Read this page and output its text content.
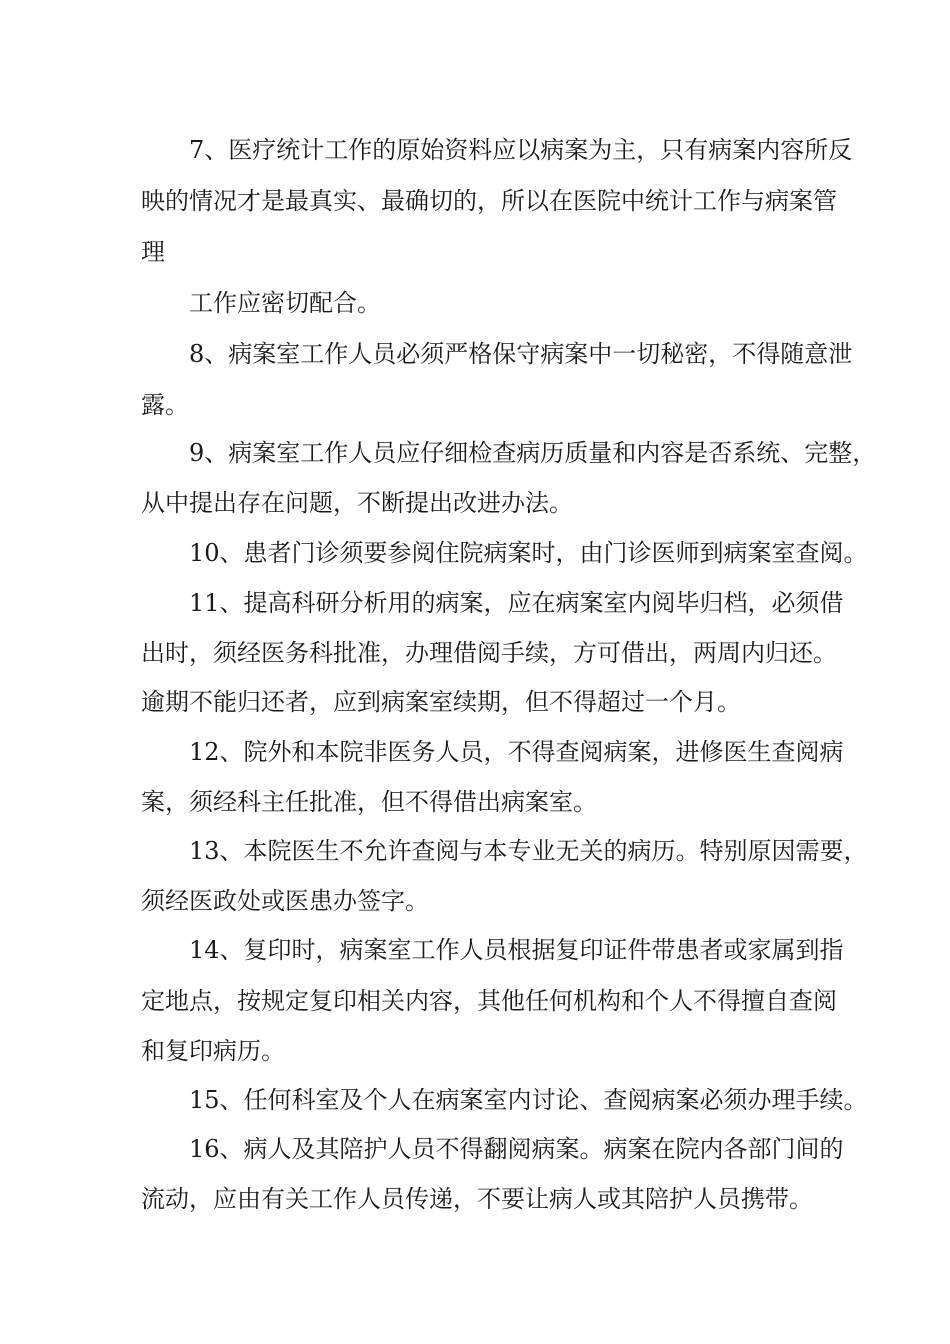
7、医疗统计工作的原始资料应以病案为主，只有病案内容所反
映的情况才是最真实、最确切的，所以在医院中统计工作与病案管
理
工作应密切配合。
8、病案室工作人员必须严格保守病案中一切秘密，不得随意泄
露。
9、病案室工作人员应仔细检查病历质量和内容是否系统、完整，
从中提出存在问题，不断提出改进办法。
10、患者门诊须要参阅住院病案时，由门诊医师到病案室查阅。
11、提高科研分析用的病案，应在病案室内阅毕归档，必须借
出时，须经医务科批准，办理借阅手续，方可借出，两周内归还。
逾期不能归还者，应到病案室续期，但不得超过一个月。
12、院外和本院非医务人员，不得查阅病案，进修医生查阅病
案，须经科主任批准，但不得借出病案室。
13、本院医生不允许查阅与本专业无关的病历。特别原因需要，
须经医政处或医患办签字。
14、复印时，病案室工作人员根据复印证件带患者或家属到指
定地点，按规定复印相关内容，其他任何机构和个人不得擅自查阅
和复印病历。
15、任何科室及个人在病案室内讨论、查阅病案必须办理手续。
16、病人及其陪护人员不得翻阅病案。病案在院内各部门间的
流动，应由有关工作人员传递，不要让病人或其陪护人员携带。
